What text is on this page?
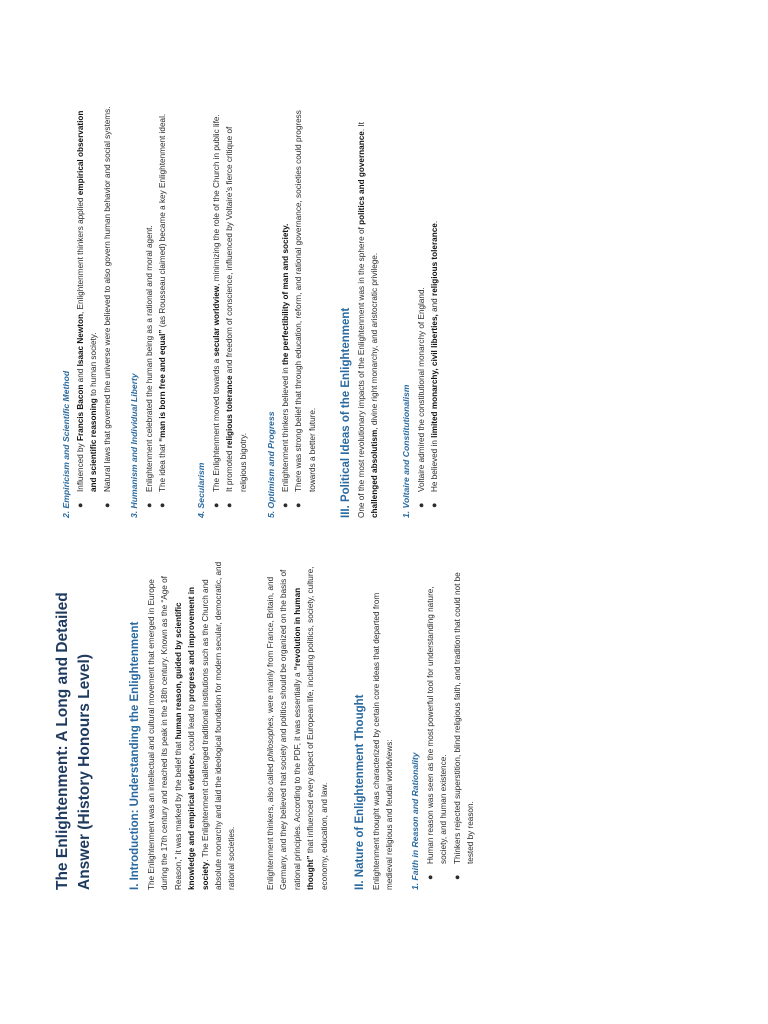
The Enlightenment: A Long and Detailed Answer (History Honours Level)	I. Introduction: Understanding the Enlightenment The Enlightenment was an intellectual and cultural movement that emerged in Europe during the 17th century and reached its peak in the 18th century. Known as the “Age of Reason,” it was marked by the belief that human reason, guided by scientific knowledge and empirical evidence, could lead to progress and improvement in society. The Enlightenment challenged traditional institutions such as the Church and absolute monarchy and laid the ideological foundation for modern secular, democratic, and rational societies.	Enlightenment thinkers, also called philosophes, were mainly from France, Britain, and Germany, and they believed that society and politics should be organized on the basis of rational principles. According to the PDF, it was essentially a “revolution in human thought” that influenced every aspect of European life, including politics, society, culture, economy, education, and law. II. Nature of Enlightenment Thought Enlightenment thought was characterized by certain core ideas that departed from medieval religious and feudal worldviews: 1. Faith in Reason and Rationality ●
Human reason was seen as the most powerful tool for understanding nature, society, and human existence.
●
Thinkers rejected superstition, blind religious faith, and tradition that could not be tested by reason.
2. Empiricism and Scientific Method ●
Influenced by Francis Bacon and Isaac Newton, Enlightenment thinkers applied empirical observation and scientific reasoning to human society.
●
Natural laws that governed the universe were believed to also govern human behavior and social systems. 3. Humanism and Individual Liberty ●
Enlightenment celebrated the human being as a rational and moral agent.
●
The idea that “man is born free and equal” (as Rousseau claimed) became a key Enlightenment ideal.
4. Secularism ●
The Enlightenment moved towards a secular worldview, minimizing the role of the Church in public life.
●
It promoted religious tolerance and freedom of conscience, influenced by Voltaire’s fierce critique of religious bigotry. 5. Optimism and Progress ●
Enlightenment thinkers believed in the perfectibility of man and society.
●
There was strong belief that through education, reform, and rational governance, societies could progress towards a better future. III. Political Ideas of the Enlightenment One of the most revolutionary impacts of the Enlightenment was in the sphere of politics and governance. It challenged absolutism, divine right monarchy, and aristocratic privilege.
1. Voltaire and Constitutionalism ●
Voltaire admired the constitutional monarchy of England.
●
He believed in limited monarchy, civil liberties, and religious tolerance.
